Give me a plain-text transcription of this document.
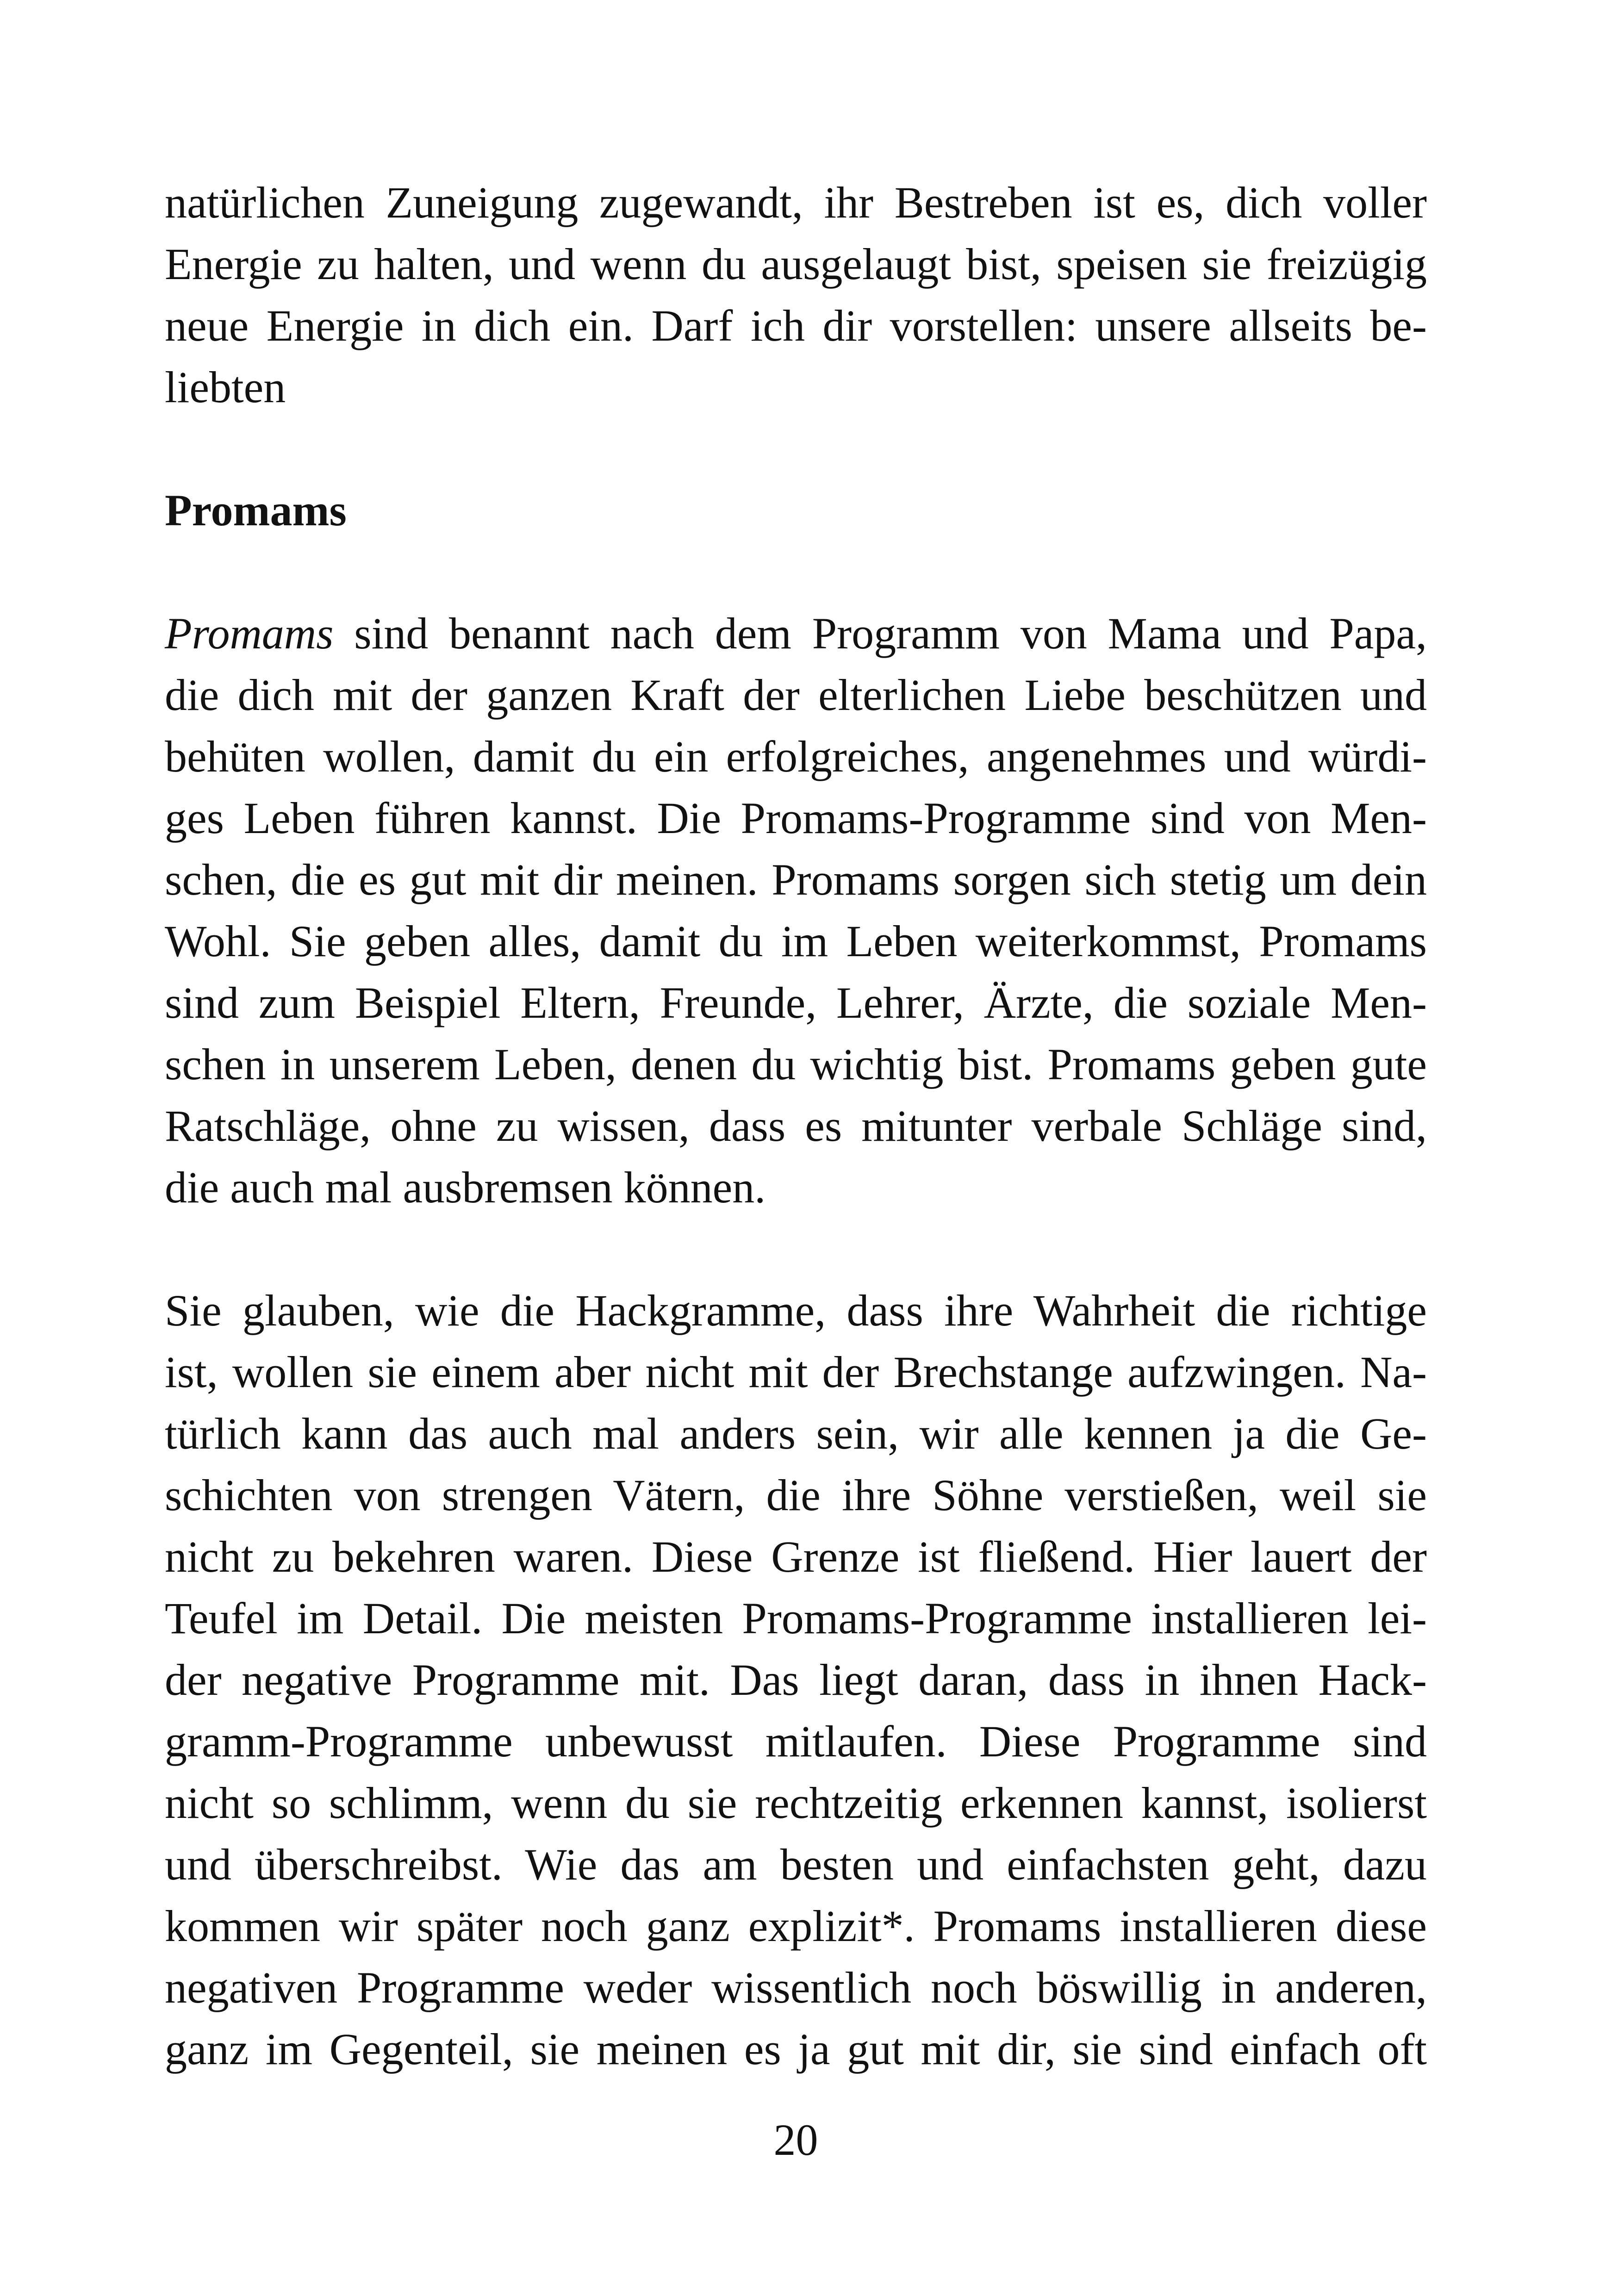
natürlichen Zuneigung zugewandt, ihr Bestreben ist es, dich voller
Energie zu halten, und wenn du ausgelaugt bist, speisen sie freizügig
neue Energie in dich ein. Darf ich dir vorstellen: unsere allseits be-
liebten
Promams
Promams sind benannt nach dem Programm von Mama und Papa,
die dich mit der ganzen Kraft der elterlichen Liebe beschützen und
behüten wollen, damit du ein erfolgreiches, angenehmes und würdi-
ges Leben führen kannst. Die Promams-Programme sind von Men-
schen, die es gut mit dir meinen. Promams sorgen sich stetig um dein
Wohl. Sie geben alles, damit du im Leben weiterkommst, Promams
sind zum Beispiel Eltern, Freunde, Lehrer, Ärzte, die soziale Men-
schen in unserem Leben, denen du wichtig bist. Promams geben gute
Ratschläge, ohne zu wissen, dass es mitunter verbale Schläge sind,
die auch mal ausbremsen können.
Sie glauben, wie die Hackgramme, dass ihre Wahrheit die richtige
ist, wollen sie einem aber nicht mit der Brechstange aufzwingen. Na-
türlich kann das auch mal anders sein, wir alle kennen ja die Ge-
schichten von strengen Vätern, die ihre Söhne verstießen, weil sie
nicht zu bekehren waren. Diese Grenze ist fließend. Hier lauert der
Teufel im Detail. Die meisten Promams-Programme installieren lei-
der negative Programme mit. Das liegt daran, dass in ihnen Hack-
gramm-Programme unbewusst mitlaufen. Diese Programme sind
nicht so schlimm, wenn du sie rechtzeitig erkennen kannst, isolierst
und überschreibst. Wie das am besten und einfachsten geht, dazu
kommen wir später noch ganz explizit*. Promams installieren diese
negativen Programme weder wissentlich noch böswillig in anderen,
ganz im Gegenteil, sie meinen es ja gut mit dir, sie sind einfach oft
20
